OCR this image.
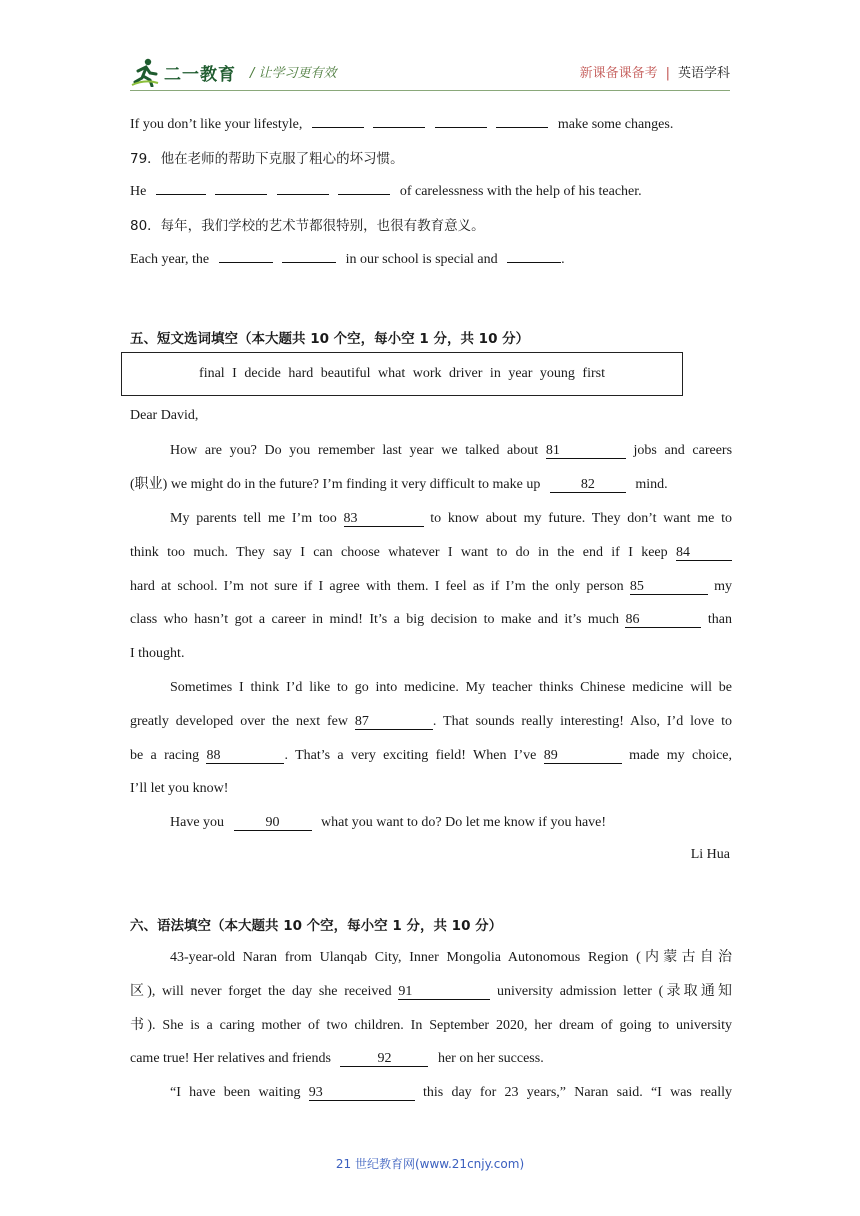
二一教育 / 让学习更有效	新课备课备考 | 英语学科
If you don’t like your lifestyle,	make some changes.
79．他在老师的帮助下克服了粗心的坏习惯。
He	of carelessness with the help of his teacher.
80．每年，我们学校的艺术节都很特别，也很有教育意义。
Each year, the	in our school is special and	.
五、短文选词填空（本大题共 10 个空，每小空 1 分，共 10 分）
final I decide hard beautiful what work driver in year young first
Dear David,
How are you? Do you remember last year we talked about 81	jobs and careers
(职业) we might do in the future? I’m finding it very difficult to make up	82	mind.
My parents tell me I’m too 83	to know about my future. They don’t want me to
think too much. They say I can choose whatever I want to do in the end if I keep 84
hard at school. I’m not sure if I agree with them. I feel as if I’m the only person 85	my
class who hasn’t got a career in mind! It’s a big decision to make and it’s much 86	than
I thought.
Sometimes I think I’d like to go into medicine. My teacher thinks Chinese medicine will be
greatly developed over the next few 87	. That sounds really interesting! Also, I’d love to
be a racing 88	. That’s a very exciting field! When I’ve 89	made my choice,
I’ll let you know!
Have you	90	what you want to do? Do let me know if you have!
Li Hua
六、语法填空（本大题共 10 个空，每小空 1 分，共 10 分）
43-year-old Naran from Ulanqab City, Inner Mongolia Autonomous Region (内蒙古自治
区), will never forget the day she received 91	university admission letter (录取通知
书). She is a caring mother of two children. In September 2020, her dream of going to university
came true! Her relatives and friends	92	her on her success.
“I have been waiting 93	this day for 23 years,” Naran said. “I was really
21 世纪教育网(www.21cnjy.com)
